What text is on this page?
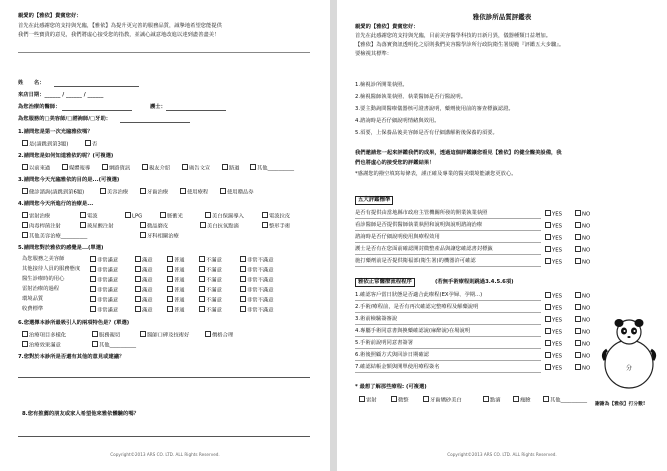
親愛的【雅依】貴賓您好：
首先在此感謝您的支持與光臨，【雅依】為提升更完善的服務品質，誠摯地希望您能提供
我們一些寶貴的意見，我們將虛心接受您的指教，並誠心誠意地改進以達到盡善盡美！
姓　　名：
來店日期：______ / ______ / ______
為您治療的醫師：	護士：
為您服務的□美容師/□諮詢師/□牙助：
1.請問您是第一次光臨雅依嗎？
是(請跳到第3題)	否
2.請問您是如何知道雅依的呢？(可複選)
以前來過	媒體報導	網路資訊	親友介紹	廣告文宣	路過	其他__________
3.請問您今天光臨雅依的目的是...(可複選)
健診諮詢(請跳到第6題)	美容治療	牙齒治療	使用療程	使用贈品券
4.請問您今天所進行的治療是...
雷射治療	電波	LPG	脈衝光	美白保濕導入	電波拉皮
肉毒桿菌注射	玻尿酸注射	微晶磨皮	美白抗氧點滴	整形手術
其他美容治療__________	牙科相關治療
5.請問您對於雅依的感覺是...(單選)
為您服務之美容師	非常滿意	滿意	普通	不滿意	非常不滿意
其他接待人員的服務態度	非常滿意	滿意	普通	不滿意	非常不滿意
醫生診療時的用心	非常滿意	滿意	普通	不滿意	非常不滿意
雷射治療的過程	非常滿意	滿意	普通	不滿意	非常不滿意
環境品質	非常滿意	滿意	普通	不滿意	非常不滿意
收費標準	非常滿意	滿意	普通	不滿意	非常不滿意
6.您選擇本診所最吸引人的兩項特色是？(單選)
治療項目多樣化	服務親切	醫師口碑及技術好	價格合理
治療效果滿意	其他__________
7.您對於本診所是否還有其他的意見或建議？
8.您有推薦的朋友或家人希望他來雅依體驗的嗎？
Copyright©2013 ARS CO. LTD. ALL Rights Reserved.
雅依診所品質評鑑表
親愛的【雅依】貴賓您好：
首先在此感謝您的支持與光臨，目前美容醫學科技的日新月異，儀器種類日益增加。
【雅依】為落實資訊透明化之原則我們美容醫學診所行政院衛生署規範『評鑑五大步驟』。
要檢視其標準：
1.檢視診所開業執照。
2.檢視醫師執業執照、執業醫師是否行醫說明。
3.要主動詢問醫療儀器核可證書說明，藥劑使用前的審查標籤認證。
4.諮詢時是否仔細說明情緒與效用。
5.須要，上保養品後美容師是否有仔細講解術後保養的須要。
我們邀請您一起來評鑑我們的成果，透過這個評鑑讓您看見【雅依】的健全醫美設備，我
們也將虛心的接受您的評鑑結果！
*感謝您的撥空填寫每條表，謹正確及專業的醫美環境能讓您更放心。
五大評鑑標準
是否有提供由當地縣市政府主管機關所發的開業執業執照	YES	NO
看診醫師是否提供醫師執業執照和說明與說明諮詢治療	YES	NO
諮詢時是否仔細說明使用與療程效用	YES	NO
護士是否有在您面前確認開封微整產品與讓您確認書封標籤	YES	NO
施打藥劑前是否提供衛福部(衛生署)的機器許可確認	YES	NO
雅依正常醫療流程程序	(若無手術療程則跳過3.4.5.6項)
1.確認客戶當日狀態是否適合此療程(EX孕婦、孕期...)	YES	NO
2.手術/療程前，是否有再次確認完整療程及解藥說明	YES	NO
3.術前檢驗簽審說	YES	NO
4.專屬手術同意書與換藥確認說(麻醉說)在場說明	YES	NO
5.手術前說明同意書簽署	YES	NO
6.術後照顧方式與回診日期確認	YES	NO
7.確認結帳金額與開單使用療程簽名	YES	NO
* 最想了解那些療程: (可複選)
雷射	微整	牙齒矯砂美白	點滴	瘦臉	其他__________
分
謝謝為【雅依】打分數!
Copyright©2013 ARS CO. LTD. ALL Rights Reserved.
